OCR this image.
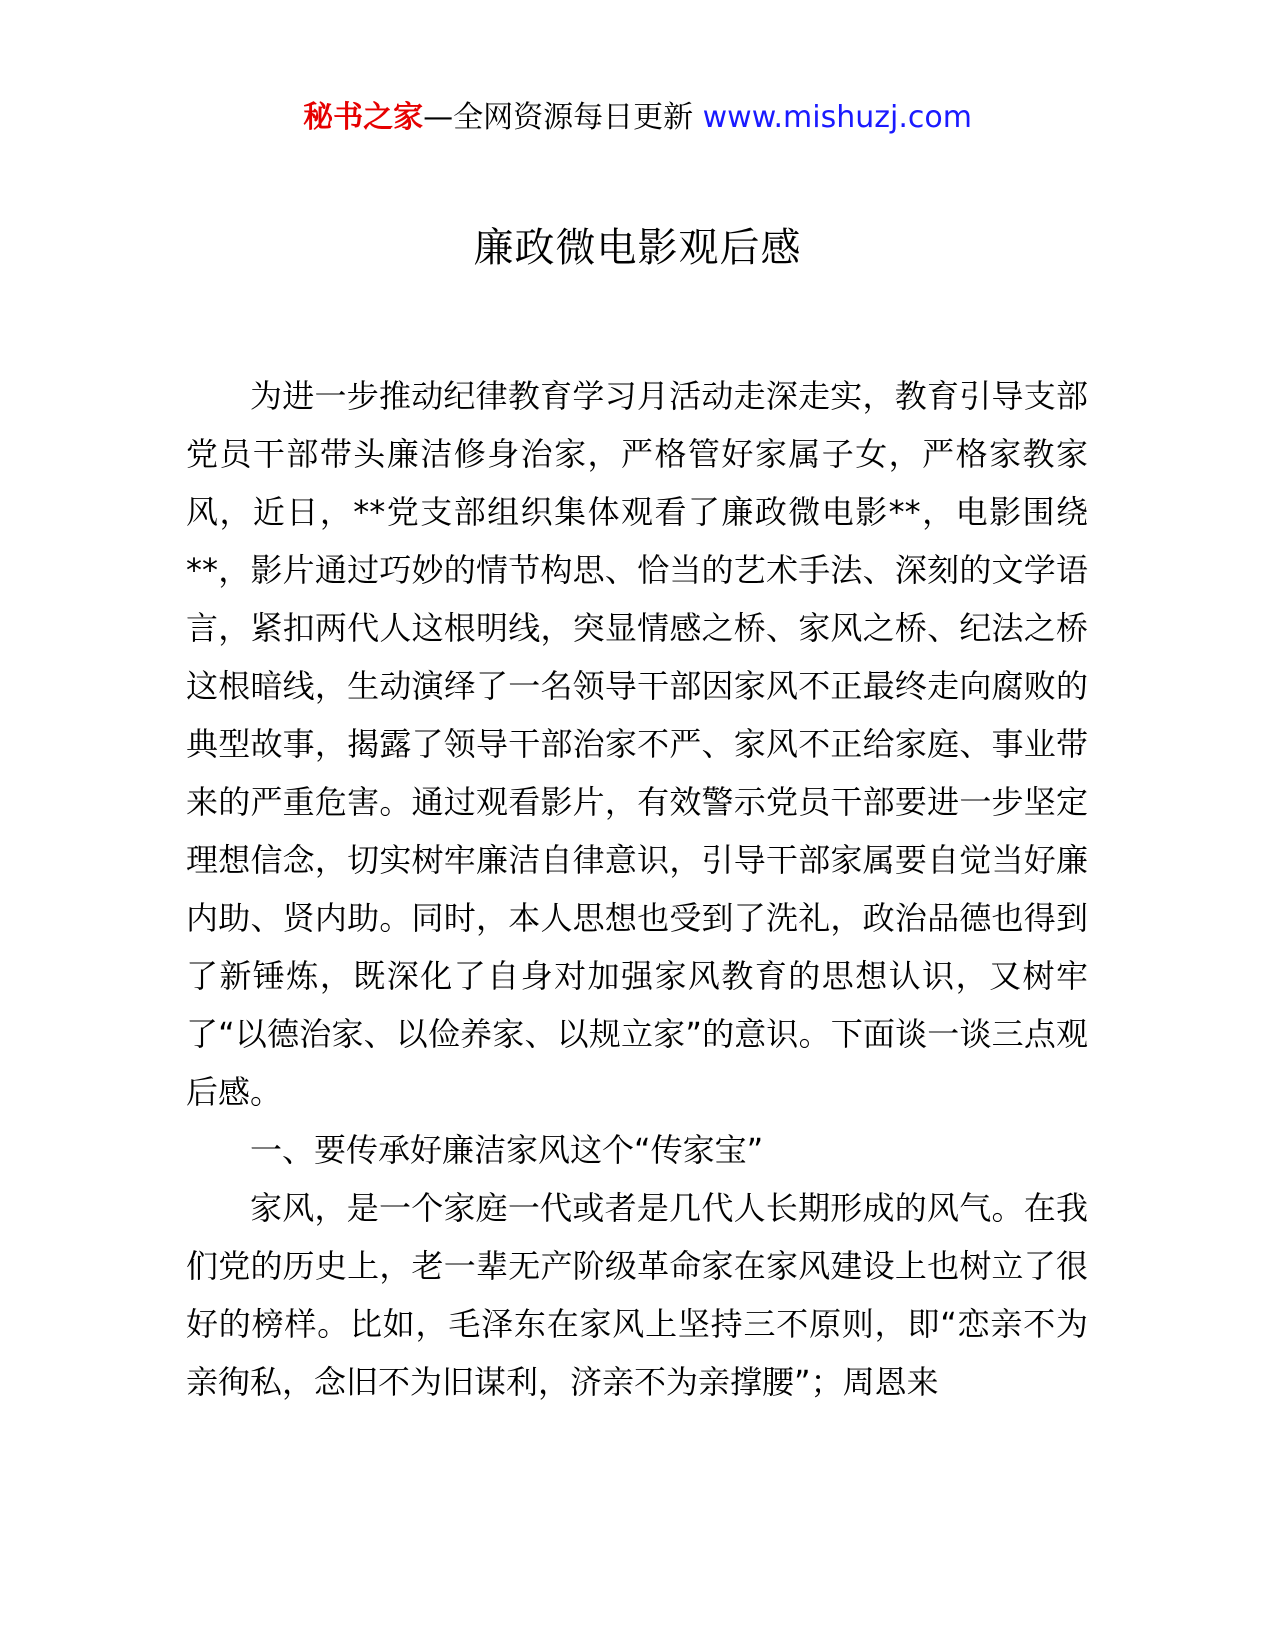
秘书之家—全网资源每日更新 www.mishuzj.com
廉政微电影观后感

为进一步推动纪律教育学习月活动走深走实，教育引导支部党员干部带头廉洁修身治家，严格管好家属子女，严格家教家风，近日，**党支部组织集体观看了廉政微电影**，电影围绕**，影片通过巧妙的情节构思、恰当的艺术手法、深刻的文学语言，紧扣两代人这根明线，突显情感之桥、家风之桥、纪法之桥这根暗线，生动演绎了一名领导干部因家风不正最终走向腐败的典型故事，揭露了领导干部治家不严、家风不正给家庭、事业带来的严重危害。通过观看影片，有效警示党员干部要进一步坚定理想信念，切实树牢廉洁自律意识，引导干部家属要自觉当好廉内助、贤内助。同时，本人思想也受到了洗礼，政治品德也得到了新锤炼，既深化了自身对加强家风教育的思想认识，又树牢了“以德治家、以俭养家、以规立家”的意识。下面谈一谈三点观后感。

一、要传承好廉洁家风这个“传家宝”

家风，是一个家庭一代或者是几代人长期形成的风气。在我们党的历史上，老一辈无产阶级革命家在家风建设上也树立了很好的榜样。比如，毛泽东在家风上坚持三不原则，即“恋亲不为亲徇私，念旧不为旧谋利，济亲不为亲撑腰”；周恩来
